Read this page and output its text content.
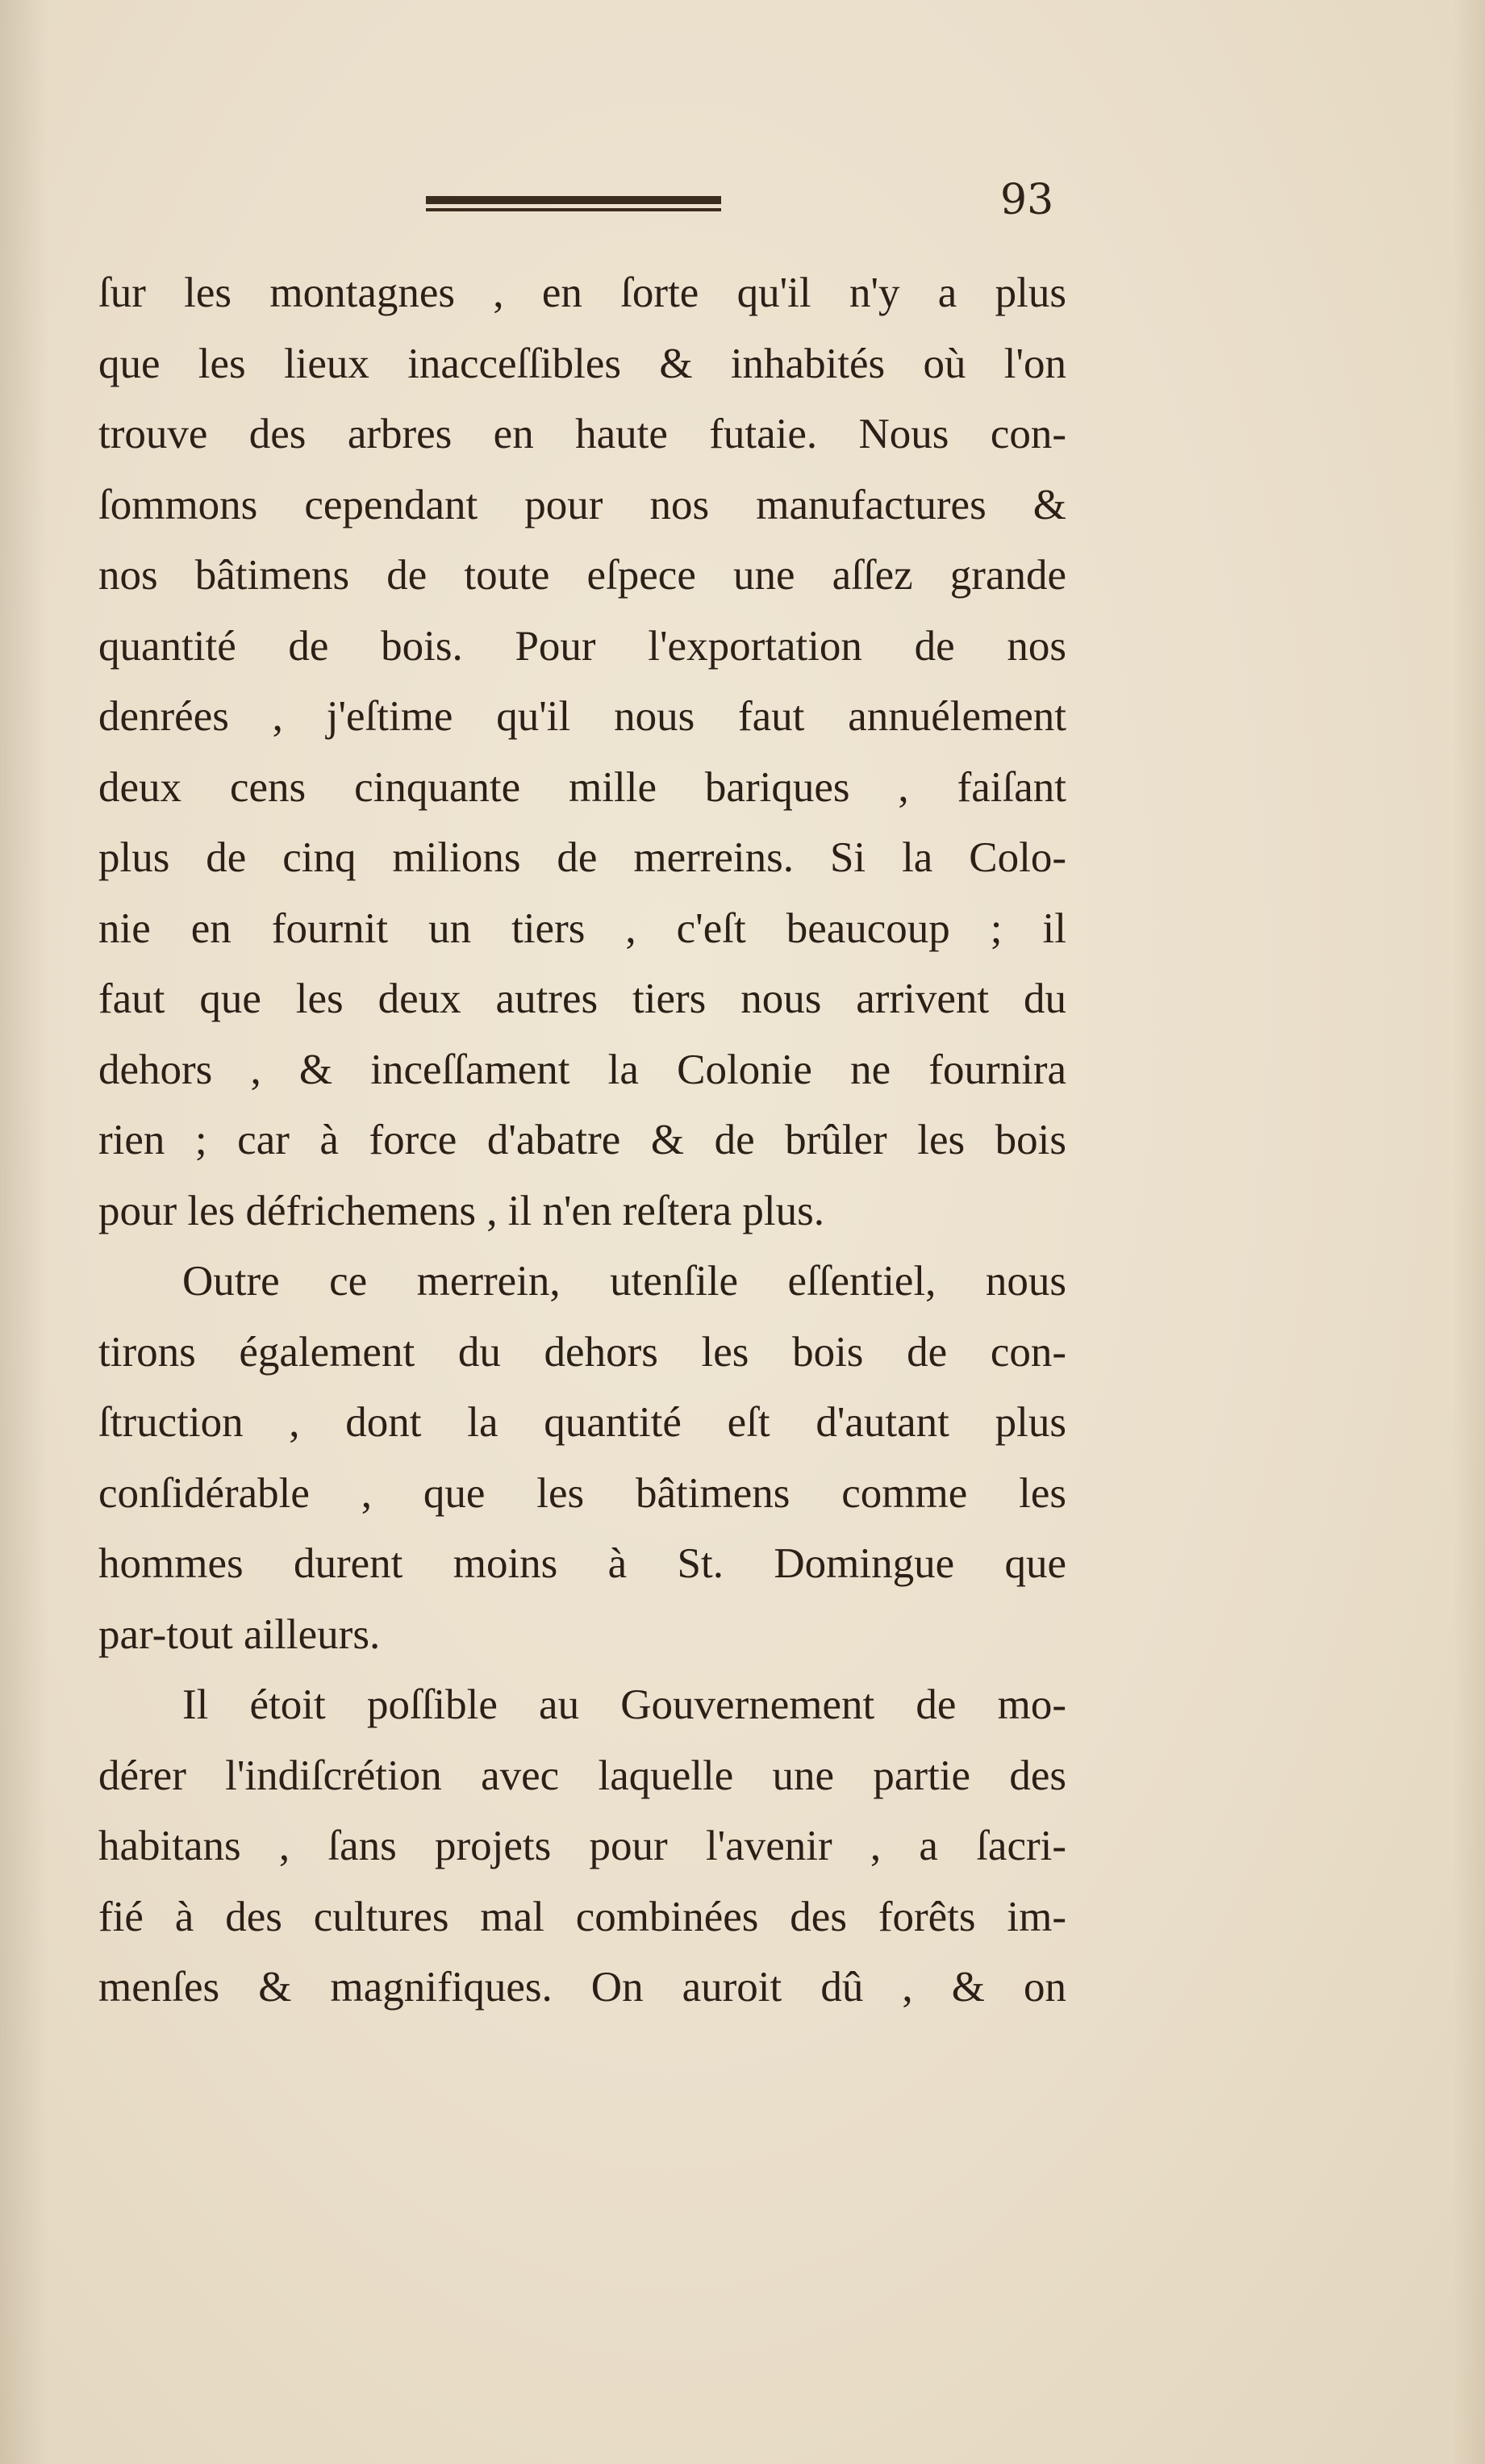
93
ſur les montagnes , en ſorte qu'il n'y a plus
que les lieux inacceſſibles & inhabités où l'on
trouve des arbres en haute futaie. Nous con-
ſommons cependant pour nos manufactures &
nos bâtimens de toute eſpece une aſſez grande
quantité de bois. Pour l'exportation de nos
denrées , j'eſtime qu'il nous faut annuélement
deux cens cinquante mille bariques , faiſant
plus de cinq milions de merreins. Si la Colo-
nie en fournit un tiers , c'eſt beaucoup ; il
faut que les deux autres tiers nous arrivent du
dehors , & inceſſament la Colonie ne fournira
rien ; car à force d'abatre & de brûler les bois
pour les défrichemens , il n'en reſtera plus.
Outre ce merrein, utenſile eſſentiel, nous
tirons également du dehors les bois de con-
ſtruction , dont la quantité eſt d'autant plus
conſidérable , que les bâtimens comme les
hommes durent moins à St. Domingue que
par-tout ailleurs.
Il étoit poſſible au Gouvernement de mo-
dérer l'indiſcrétion avec laquelle une partie des
habitans , ſans projets pour l'avenir , a ſacri-
fié à des cultures mal combinées des forêts im-
menſes & magnifiques. On auroit dû , & on
